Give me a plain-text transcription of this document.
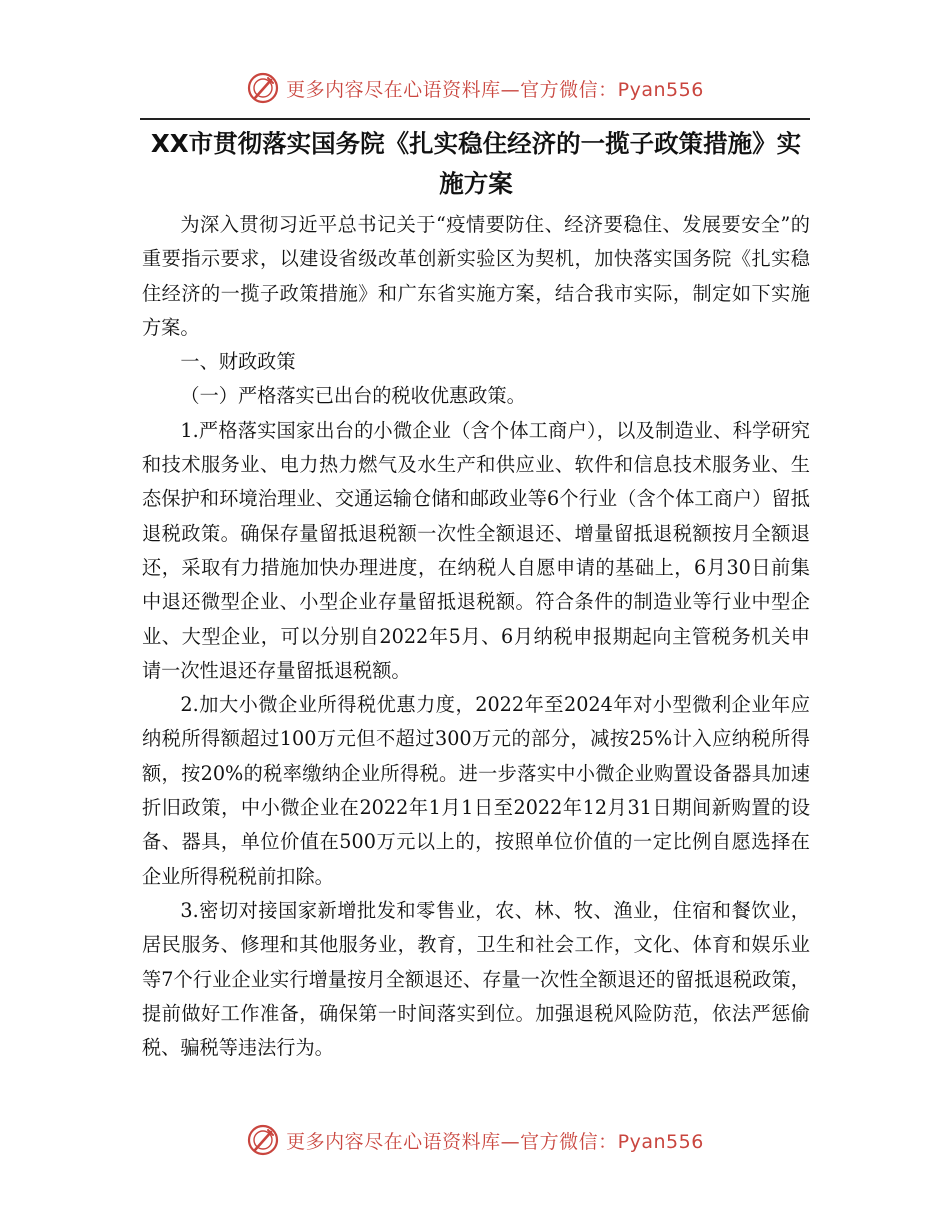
更多内容尽在心语资料库—官方微信：Pyan556
XX市贯彻落实国务院《扎实稳住经济的一揽子政策措施》实施方案

为深入贯彻习近平总书记关于“疫情要防住、经济要稳住、发展要安全”的重要指示要求，以建设省级改革创新实验区为契机，加快落实国务院《扎实稳住经济的一揽子政策措施》和广东省实施方案，结合我市实际，制定如下实施方案。

一、财政政策

（一）严格落实已出台的税收优惠政策。

1.严格落实国家出台的小微企业（含个体工商户），以及制造业、科学研究和技术服务业、电力热力燃气及水生产和供应业、软件和信息技术服务业、生态保护和环境治理业、交通运输仓储和邮政业等6个行业（含个体工商户）留抵退税政策。确保存量留抵退税额一次性全额退还、增量留抵退税额按月全额退还，采取有力措施加快办理进度，在纳税人自愿申请的基础上，6月30日前集中退还微型企业、小型企业存量留抵退税额。符合条件的制造业等行业中型企业、大型企业，可以分别自2022年5月、6月纳税申报期起向主管税务机关申请一次性退还存量留抵退税额。

2.加大小微企业所得税优惠力度，2022年至2024年对小型微利企业年应纳税所得额超过100万元但不超过300万元的部分，减按25%计入应纳税所得额，按20%的税率缴纳企业所得税。进一步落实中小微企业购置设备器具加速折旧政策，中小微企业在2022年1月1日至2022年12月31日期间新购置的设备、器具，单位价值在500万元以上的，按照单位价值的一定比例自愿选择在企业所得税税前扣除。

3.密切对接国家新增批发和零售业，农、林、牧、渔业，住宿和餐饮业，居民服务、修理和其他服务业，教育，卫生和社会工作，文化、体育和娱乐业等7个行业企业实行增量按月全额退还、存量一次性全额退还的留抵退税政策，提前做好工作准备，确保第一时间落实到位。加强退税风险防范，依法严惩偷税、骗税等违法行为。

更多内容尽在心语资料库—官方微信：Pyan556
